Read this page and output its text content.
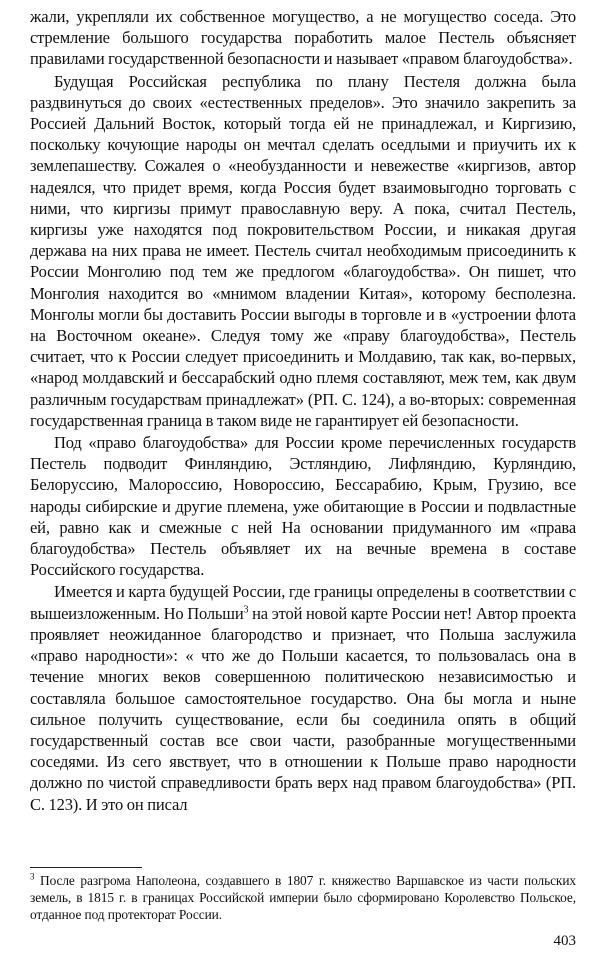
жали, укрепляли их собственное могущество, а не могущество соседа. Это стремление большого государства поработить малое Пестель объясняет правилами государственной безопасности и называет «правом благоудобства».

Будущая Российская республика по плану Пестеля должна была раздвинуться до своих «естественных пределов». Это значило закрепить за Россией Дальний Восток, который тогда ей не принадлежал, и Киргизию, поскольку кочующие народы он мечтал сделать оседлыми и приучить их к землепашеству. Сожалея о «необузданности и невежестве «киргизов, автор надеялся, что придет время, когда Россия будет взаимовыгодно торговать с ними, что киргизы примут православную веру. А пока, считал Пестель, киргизы уже находятся под покровительством России, и никакая другая держава на них права не имеет. Пестель считал необходимым присоединить к России Монголию под тем же предлогом «благоудобства». Он пишет, что Монголия находится во «мнимом владении Китая», которому бесполезна. Монголы могли бы доставить России выгоды в торговле и в «устроении флота на Восточном океане». Следуя тому же «праву благоудобства», Пестель считает, что к России следует присоединить и Молдавию, так как, во-первых, «народ молдавский и бессарабский одно племя составляют, меж тем, как двум различным государствам принадлежат» (РП. С. 124), а во-вторых: современная государственная граница в таком виде не гарантирует ей безопасности.

Под «право благоудобства» для России кроме перечисленных государств Пестель подводит Финляндию, Эстляндию, Лифляндию, Курляндию, Белоруссию, Малороссию, Новороссию, Бессарабию, Крым, Грузию, все народы сибирские и другие племена, уже обитающие в России и подвластные ей, равно как и смежные с ней На основании придуманного им «права благоудобства» Пестель объявляет их на вечные времена в составе Российского государства.

Имеется и карта будущей России, где границы определены в соответствии с вышеизложенным. Но Польши$^3$ на этой новой карте России нет! Автор проекта проявляет неожиданное благородство и признает, что Польша заслужила «право народности»: « что же до Польши касается, то пользовалась она в течение многих веков совершенною политическою независимостью и составляла большое самостоятельное государство. Она бы могла и ныне сильное получить существование, если бы соединила опять в общий государственный состав все свои части, разобранные могущественными соседями. Из сего явствует, что в отношении к Польше право народности должно по чистой справедливости брать верх над правом благоудобства» (РП. С. 123). И это он писал

$^3$ После разгрома Наполеона, создавшего в 1807 г. княжество Варшавское из части польских земель, в 1815 г. в границах Российской империи было сформировано Королевство Польское, отданное под протекторат России.

403
